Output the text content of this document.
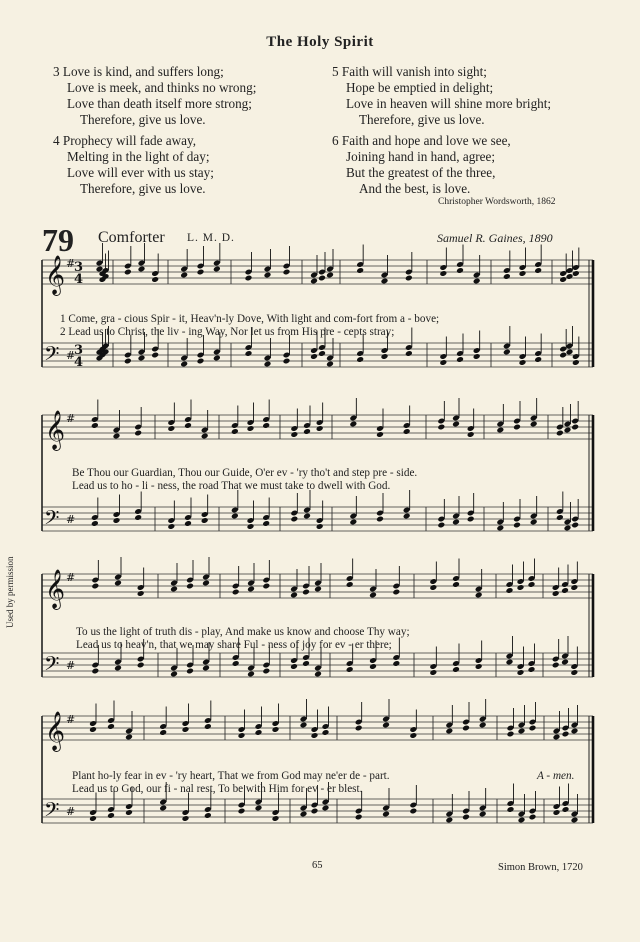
The Holy Spirit
3 Love is kind, and suffers long;
Love is meek, and thinks no wrong;
Love than death itself more strong;
Therefore, give us love.
4 Prophecy will fade away,
Melting in the light of day;
Love will ever with us stay;
Therefore, give us love.
5 Faith will vanish into sight;
Hope be emptied in delight;
Love in heaven will shine more bright;
Therefore, give us love.
6 Faith and hope and love we see,
Joining hand in hand, agree;
But the greatest of the three,
And the best, is love.
Christopher Wordsworth, 1862
79 Comforter L. M. D.	Samuel R. Gaines, 1890
Used by permission
𝄞
𝄢
#
#
3
4
3
4
𝄞
𝄢
#
#
𝄞
𝄢
#
#
𝄞
𝄢
#
#
1 Come, gra - cious Spir - it, Heav'n-ly Dove, With light and com-fort from a - bove;
2 Lead us to Christ, the liv - ing Way, Nor let us from His pre - cepts stray;
Be Thou our Guardian, Thou our Guide, O'er ev - 'ry tho't and step pre - side.
Lead us to ho - li - ness, the road That we must take to dwell with God.
To us the light of truth dis - play, And make us know and choose Thy way;
Lead us to heav'n, that we may share Ful - ness of joy for ev - er there;
Plant ho-ly fear in ev - 'ry heart, That we from God may ne'er de - part.
Lead us to God, our fi - nal rest, To be with Him for ev - er blest.
A - men.
65	Simon Brown, 1720
